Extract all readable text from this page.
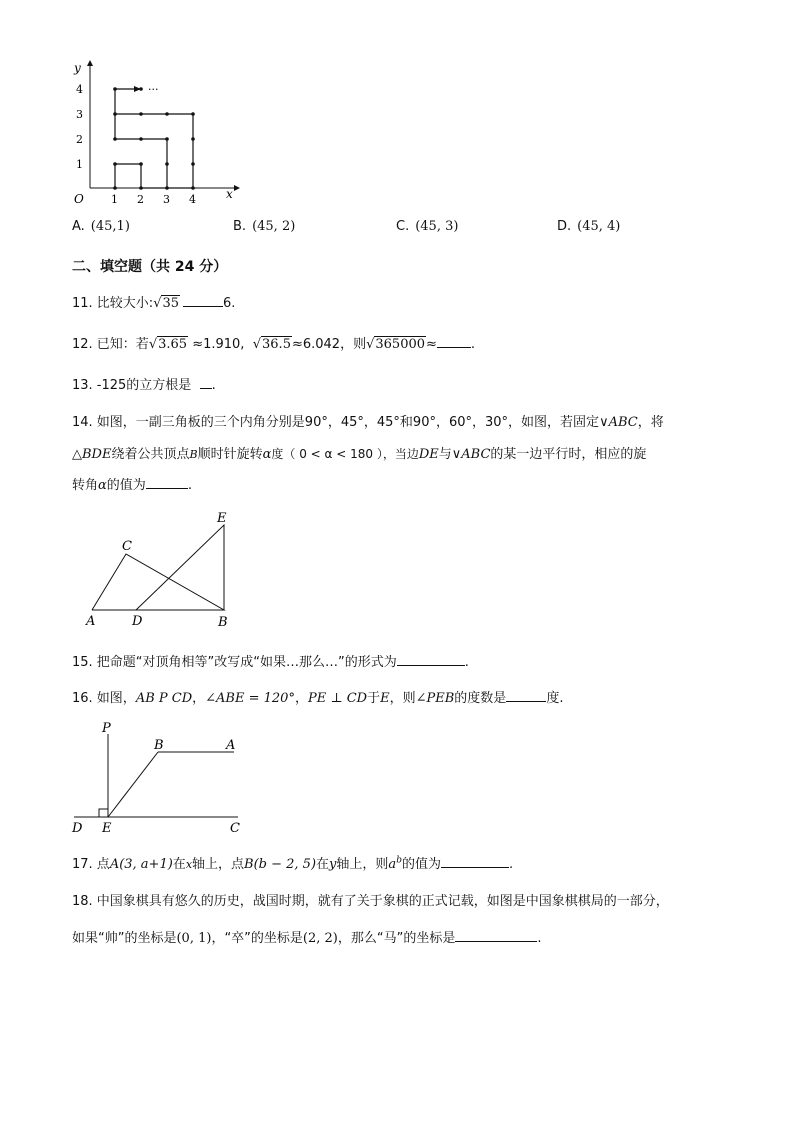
···
y
x
O
4
3
2
1
1 2 3 4
A. (45,1)	B. (45, 2)	C. (45, 3)	D. (45, 4)
二、填空题（共 24 分）
11. 比较大小:√35	6.
12. 已知：若√3.65 ≈1.910, √36.5≈6.042，则√365000≈	.
13. -125的立方根是 .
14. 如图，一副三角板的三个内角分别是90°，45°，45°和90°，60°，30°，如图，若固定∨ABC，将
△BDE绕着公共顶点B顺时针旋转α度（ 0 < α < 180 ），当边DE与∨ABC的某一边平行时，相应的旋
转角α的值为	.
C
E
A	D	B
15. 把命题“对顶角相等”改写成“如果…那么…”的形式为	.
16. 如图，AB P CD，∠ABE = 120°，PE ⊥ CD于E，则∠PEB的度数是	度.
P
B	A
D E	C
17. 点A(3, a+1)在x轴上，点B(b − 2, 5)在y轴上，则$a^b$的值为	.
18. 中国象棋具有悠久的历史，战国时期，就有了关于象棋的正式记载，如图是中国象棋棋局的一部分，
如果“帅”的坐标是(0, 1)，“卒”的坐标是(2, 2)，那么“马”的坐标是	.
